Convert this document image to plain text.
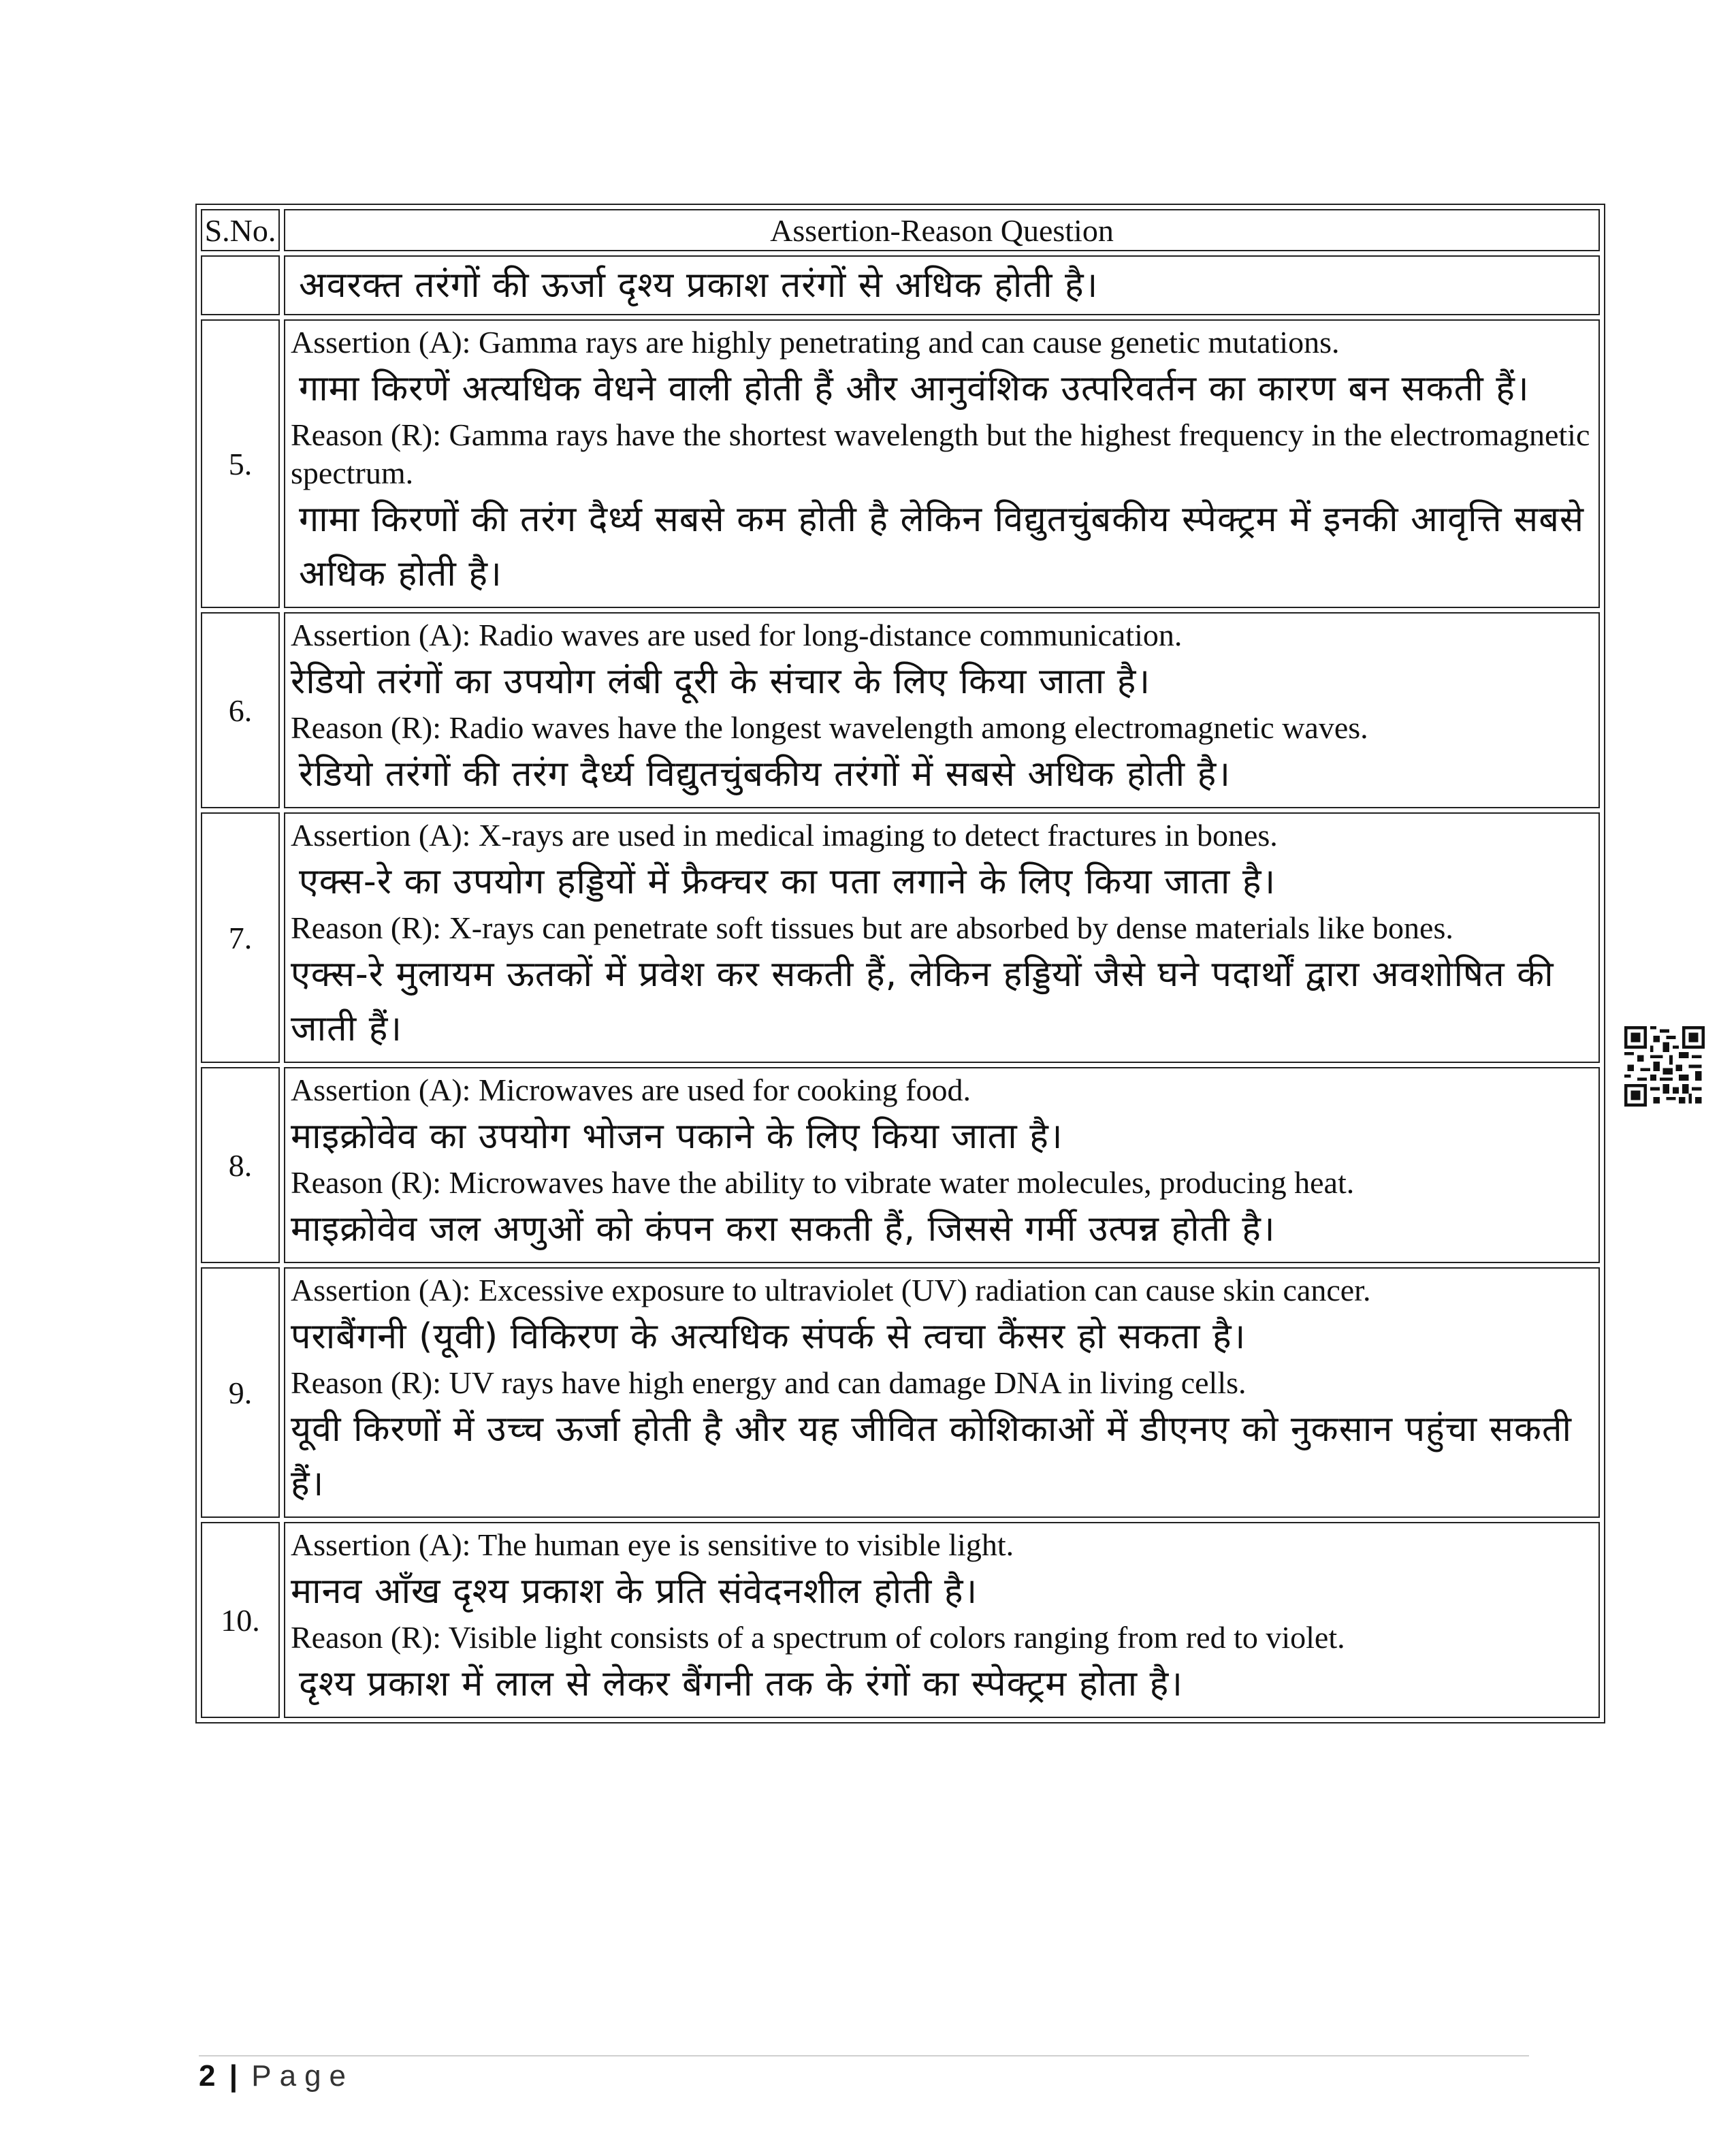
S.No.	Assertion-Reason Question

	अवरक्त तरंगों की ऊर्जा दृश्य प्रकाश तरंगों से अधिक होती है।

5.	Assertion (A): Gamma rays are highly penetrating and can cause genetic mutations.
गामा किरणें अत्यधिक वेधने वाली होती हैं और आनुवंशिक उत्परिवर्तन का कारण बन सकती हैं।
Reason (R): Gamma rays have the shortest wavelength but the highest frequency in the electromagnetic spectrum.
गामा किरणों की तरंग दैर्ध्य सबसे कम होती है लेकिन विद्युतचुंबकीय स्पेक्ट्रम में इनकी आवृत्ति सबसे अधिक होती है।

6.	Assertion (A): Radio waves are used for long-distance communication.
रेडियो तरंगों का उपयोग लंबी दूरी के संचार के लिए किया जाता है।
Reason (R): Radio waves have the longest wavelength among electromagnetic waves.
रेडियो तरंगों की तरंग दैर्ध्य विद्युतचुंबकीय तरंगों में सबसे अधिक होती है।

7.	Assertion (A): X-rays are used in medical imaging to detect fractures in bones.
एक्स-रे का उपयोग हड्डियों में फ्रैक्चर का पता लगाने के लिए किया जाता है।
Reason (R): X-rays can penetrate soft tissues but are absorbed by dense materials like bones.
एक्स-रे मुलायम ऊतकों में प्रवेश कर सकती हैं, लेकिन हड्डियों जैसे घने पदार्थों द्वारा अवशोषित की जाती हैं।

8.	Assertion (A): Microwaves are used for cooking food.
माइक्रोवेव का उपयोग भोजन पकाने के लिए किया जाता है।
Reason (R): Microwaves have the ability to vibrate water molecules, producing heat.
माइक्रोवेव जल अणुओं को कंपन करा सकती हैं, जिससे गर्मी उत्पन्न होती है।

9.	Assertion (A): Excessive exposure to ultraviolet (UV) radiation can cause skin cancer.
पराबैंगनी (यूवी) विकिरण के अत्यधिक संपर्क से त्वचा कैंसर हो सकता है।
Reason (R): UV rays have high energy and can damage DNA in living cells.
यूवी किरणों में उच्च ऊर्जा होती है और यह जीवित कोशिकाओं में डीएनए को नुकसान पहुंचा सकती हैं।

10.	Assertion (A): The human eye is sensitive to visible light.
मानव आँख दृश्य प्रकाश के प्रति संवेदनशील होती है।
Reason (R): Visible light consists of a spectrum of colors ranging from red to violet.
दृश्य प्रकाश में लाल से लेकर बैंगनी तक के रंगों का स्पेक्ट्रम होता है।
2 | Page
